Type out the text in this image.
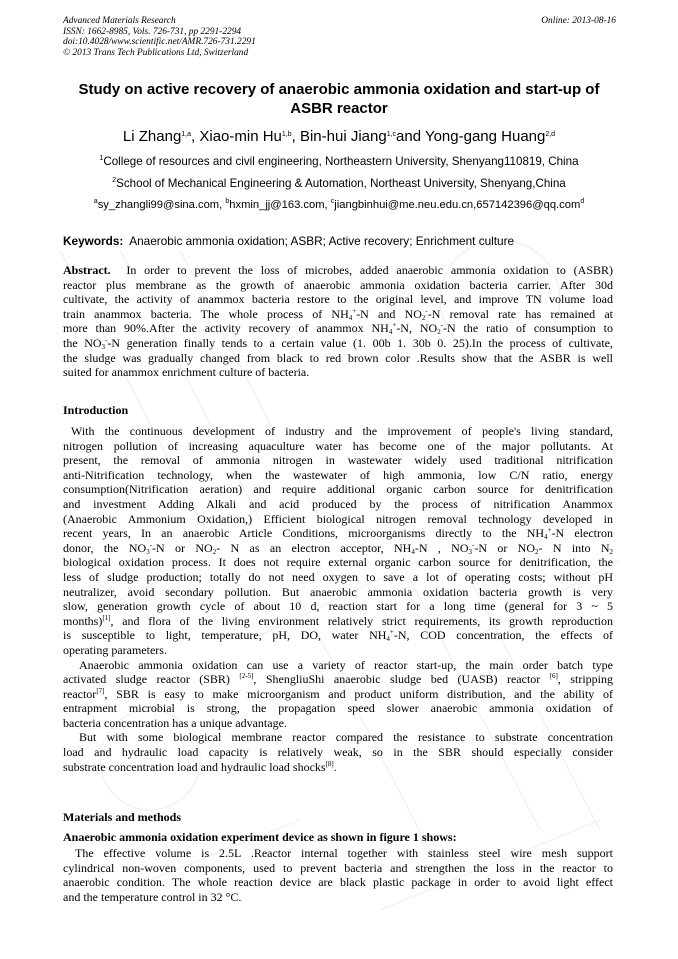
Advanced Materials Research
ISSN: 1662-8985, Vols. 726-731, pp 2291-2294
doi:10.4028/www.scientific.net/AMR.726-731.2291
© 2013 Trans Tech Publications Ltd, Switzerland
Online: 2013-08-16
Study on active recovery of anaerobic ammonia oxidation and start-up of
ASBR reactor
Li Zhang$^{1,a}$, Xiao-min Hu$^{1,b}$, Bin-hui Jiang$^{1,c}$and Yong-gang Huang$^{2,d}$
$^1$College of resources and civil engineering, Northeastern University, Shenyang110819, China
$^2$School of Mechanical Engineering & Automation, Northeast University, Shenyang,China
$^a$sy_zhangli99@sina.com, $^b$hxmin_jj@163.com, $^c$jiangbinhui@me.neu.edu.cn,657142396@qq.com$^d$
Keywords: Anaerobic ammonia oxidation; ASBR; Active recovery; Enrichment culture
Abstract. In order to prevent the loss of microbes, added anaerobic ammonia oxidation to (ASBR)
reactor plus membrane as the growth of anaerobic ammonia oxidation bacteria carrier. After 30d
cultivate, the activity of anammox bacteria restore to the original level, and improve TN volume load
train anammox bacteria. The whole process of $NH_4^+-N$ and $NO_2^--N$ removal rate has remained at
more than 90%.After the activity recovery of anammox $NH_4^+-N$, $NO_2^--N$ the ratio of consumption to
the $NO_3^--N$ generation finally tends to a certain value (1. 00b 1. 30b 0. 25).In the process of cultivate,
the sludge was gradually changed from black to red brown color .Results show that the ASBR is well
suited for anammox enrichment culture of bacteria.
Introduction
With the continuous development of industry and the improvement of people's living standard,
nitrogen pollution of increasing aquaculture water has become one of the major pollutants. At
present, the removal of ammonia nitrogen in wastewater widely used traditional nitrification
anti-Nitrification technology, when the wastewater of high ammonia, low C/N ratio, energy
consumption(Nitrification aeration) and require additional organic carbon source for denitrification
and investment Adding Alkali and acid produced by the process of nitrification Anammox
(Anaerobic Ammonium Oxidation,) Efficient biological nitrogen removal technology developed in
recent years, In an anaerobic Article Conditions, microorganisms directly to the $NH_4^+-N$ electron
donor, the $NO_3^--N$ or $NO_2-$ N as an electron acceptor, $NH_4-N$ , $NO_3^--N$ or $NO_2-$ N into $N_2$
biological oxidation process. It does not require external organic carbon source for denitrification, the
less of sludge production; totally do not need oxygen to save a lot of operating costs; without pH
neutralizer, avoid secondary pollution. But anaerobic ammonia oxidation bacteria growth is very
slow, generation growth cycle of about 10 d, reaction start for a long time (general for 3 ~ 5
months)[1], and flora of the living environment relatively strict requirements, its growth reproduction
is susceptible to light, temperature, pH, DO, water $NH_4^+-N$, COD concentration, the effects of
operating parameters.
Anaerobic ammonia oxidation can use a variety of reactor start-up, the main order batch type
activated sludge reactor (SBR) [2-5], ShengliuShi anaerobic sludge bed (UASB) reactor [6], stripping
reactor[7], SBR is easy to make microorganism and product uniform distribution, and the ability of
entrapment microbial is strong, the propagation speed slower anaerobic ammonia oxidation of
bacteria concentration has a unique advantage.
But with some biological membrane reactor compared the resistance to substrate concentration
load and hydraulic load capacity is relatively weak, so in the SBR should especially consider
substrate concentration load and hydraulic load shocks[8].
Materials and methods
Anaerobic ammonia oxidation experiment device as shown in figure 1 shows:
The effective volume is 2.5L .Reactor internal together with stainless steel wire mesh support
cylindrical non-woven components, used to prevent bacteria and strengthen the loss in the reactor to
anaerobic condition. The whole reaction device are black plastic package in order to avoid light effect
and the temperature control in 32 °C.
